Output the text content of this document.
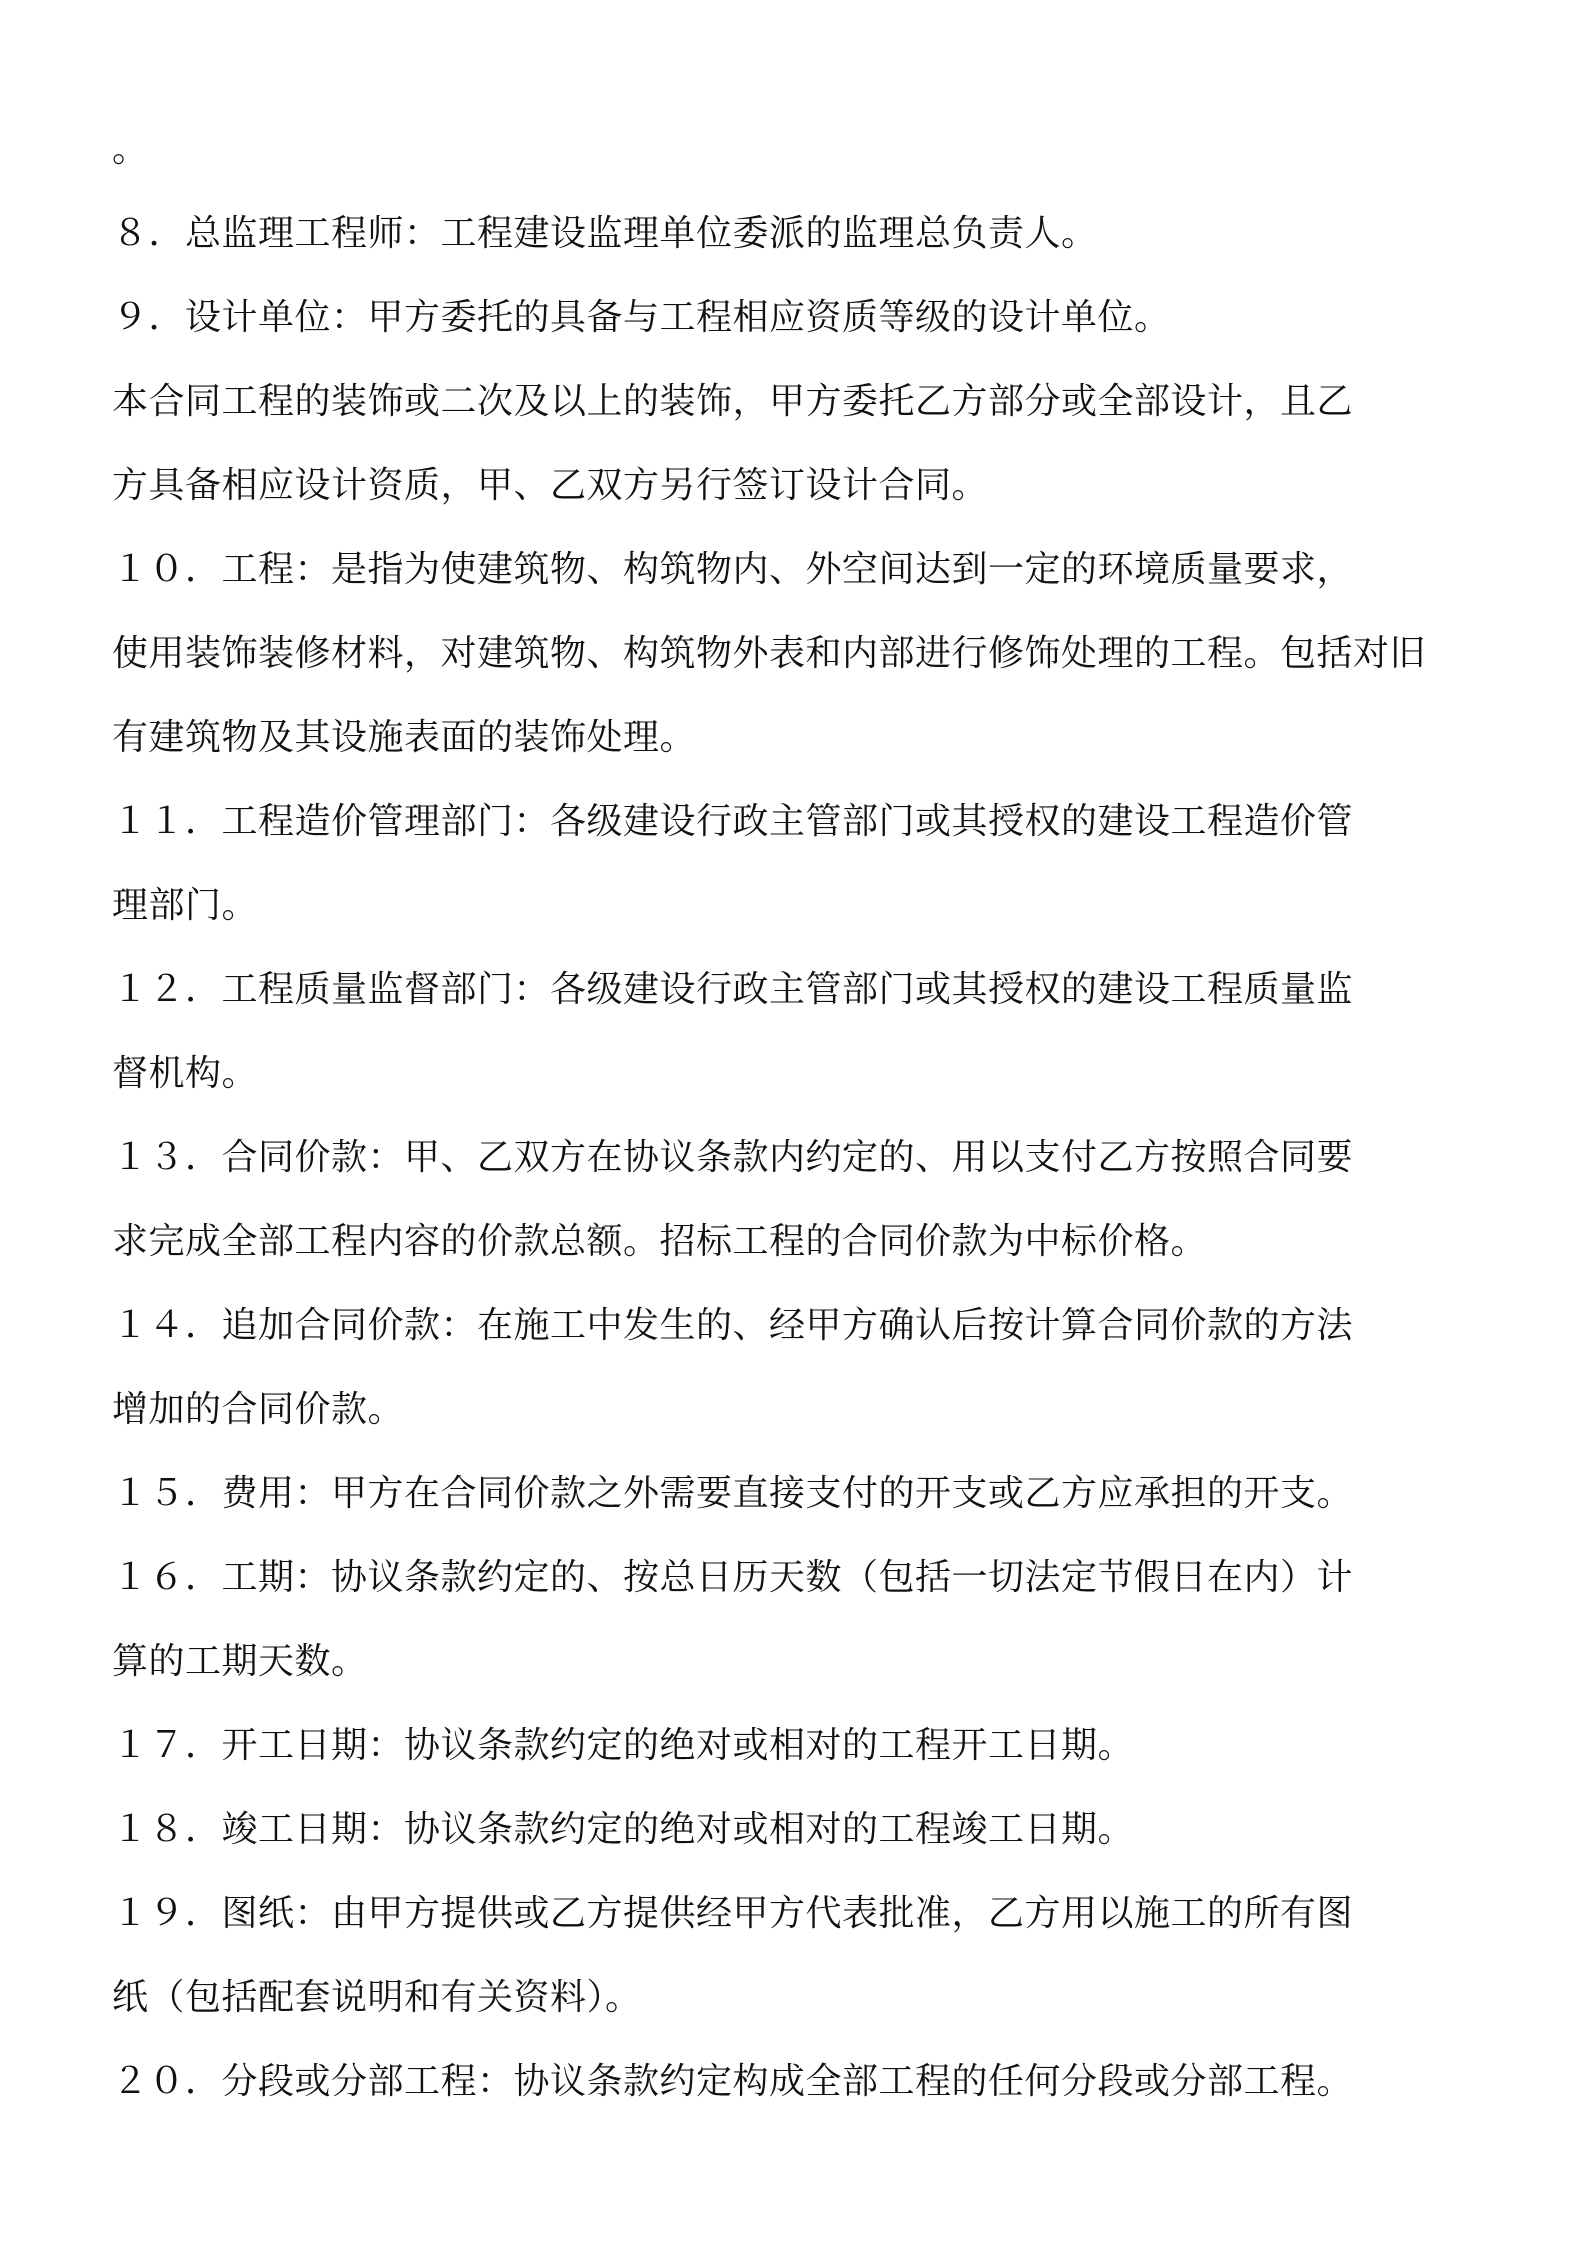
。
８．总监理工程师：工程建设监理单位委派的监理总负责人。
９．设计单位：甲方委托的具备与工程相应资质等级的设计单位。
本合同工程的装饰或二次及以上的装饰，甲方委托乙方部分或全部设计，且乙
方具备相应设计资质，甲、乙双方另行签订设计合同。
１０．工程：是指为使建筑物、构筑物内、外空间达到一定的环境质量要求，
使用装饰装修材料，对建筑物、构筑物外表和内部进行修饰处理的工程。包括对旧
有建筑物及其设施表面的装饰处理。
１１．工程造价管理部门：各级建设行政主管部门或其授权的建设工程造价管
理部门。
１２．工程质量监督部门：各级建设行政主管部门或其授权的建设工程质量监
督机构。
１３．合同价款：甲、乙双方在协议条款内约定的、用以支付乙方按照合同要
求完成全部工程内容的价款总额。招标工程的合同价款为中标价格。
１４．追加合同价款：在施工中发生的、经甲方确认后按计算合同价款的方法
增加的合同价款。
１５．费用：甲方在合同价款之外需要直接支付的开支或乙方应承担的开支。
１６．工期：协议条款约定的、按总日历天数（包括一切法定节假日在内）计
算的工期天数。
１７．开工日期：协议条款约定的绝对或相对的工程开工日期。
１８．竣工日期：协议条款约定的绝对或相对的工程竣工日期。
１９．图纸：由甲方提供或乙方提供经甲方代表批准，乙方用以施工的所有图
纸（包括配套说明和有关资料）。
２０．分段或分部工程：协议条款约定构成全部工程的任何分段或分部工程。
